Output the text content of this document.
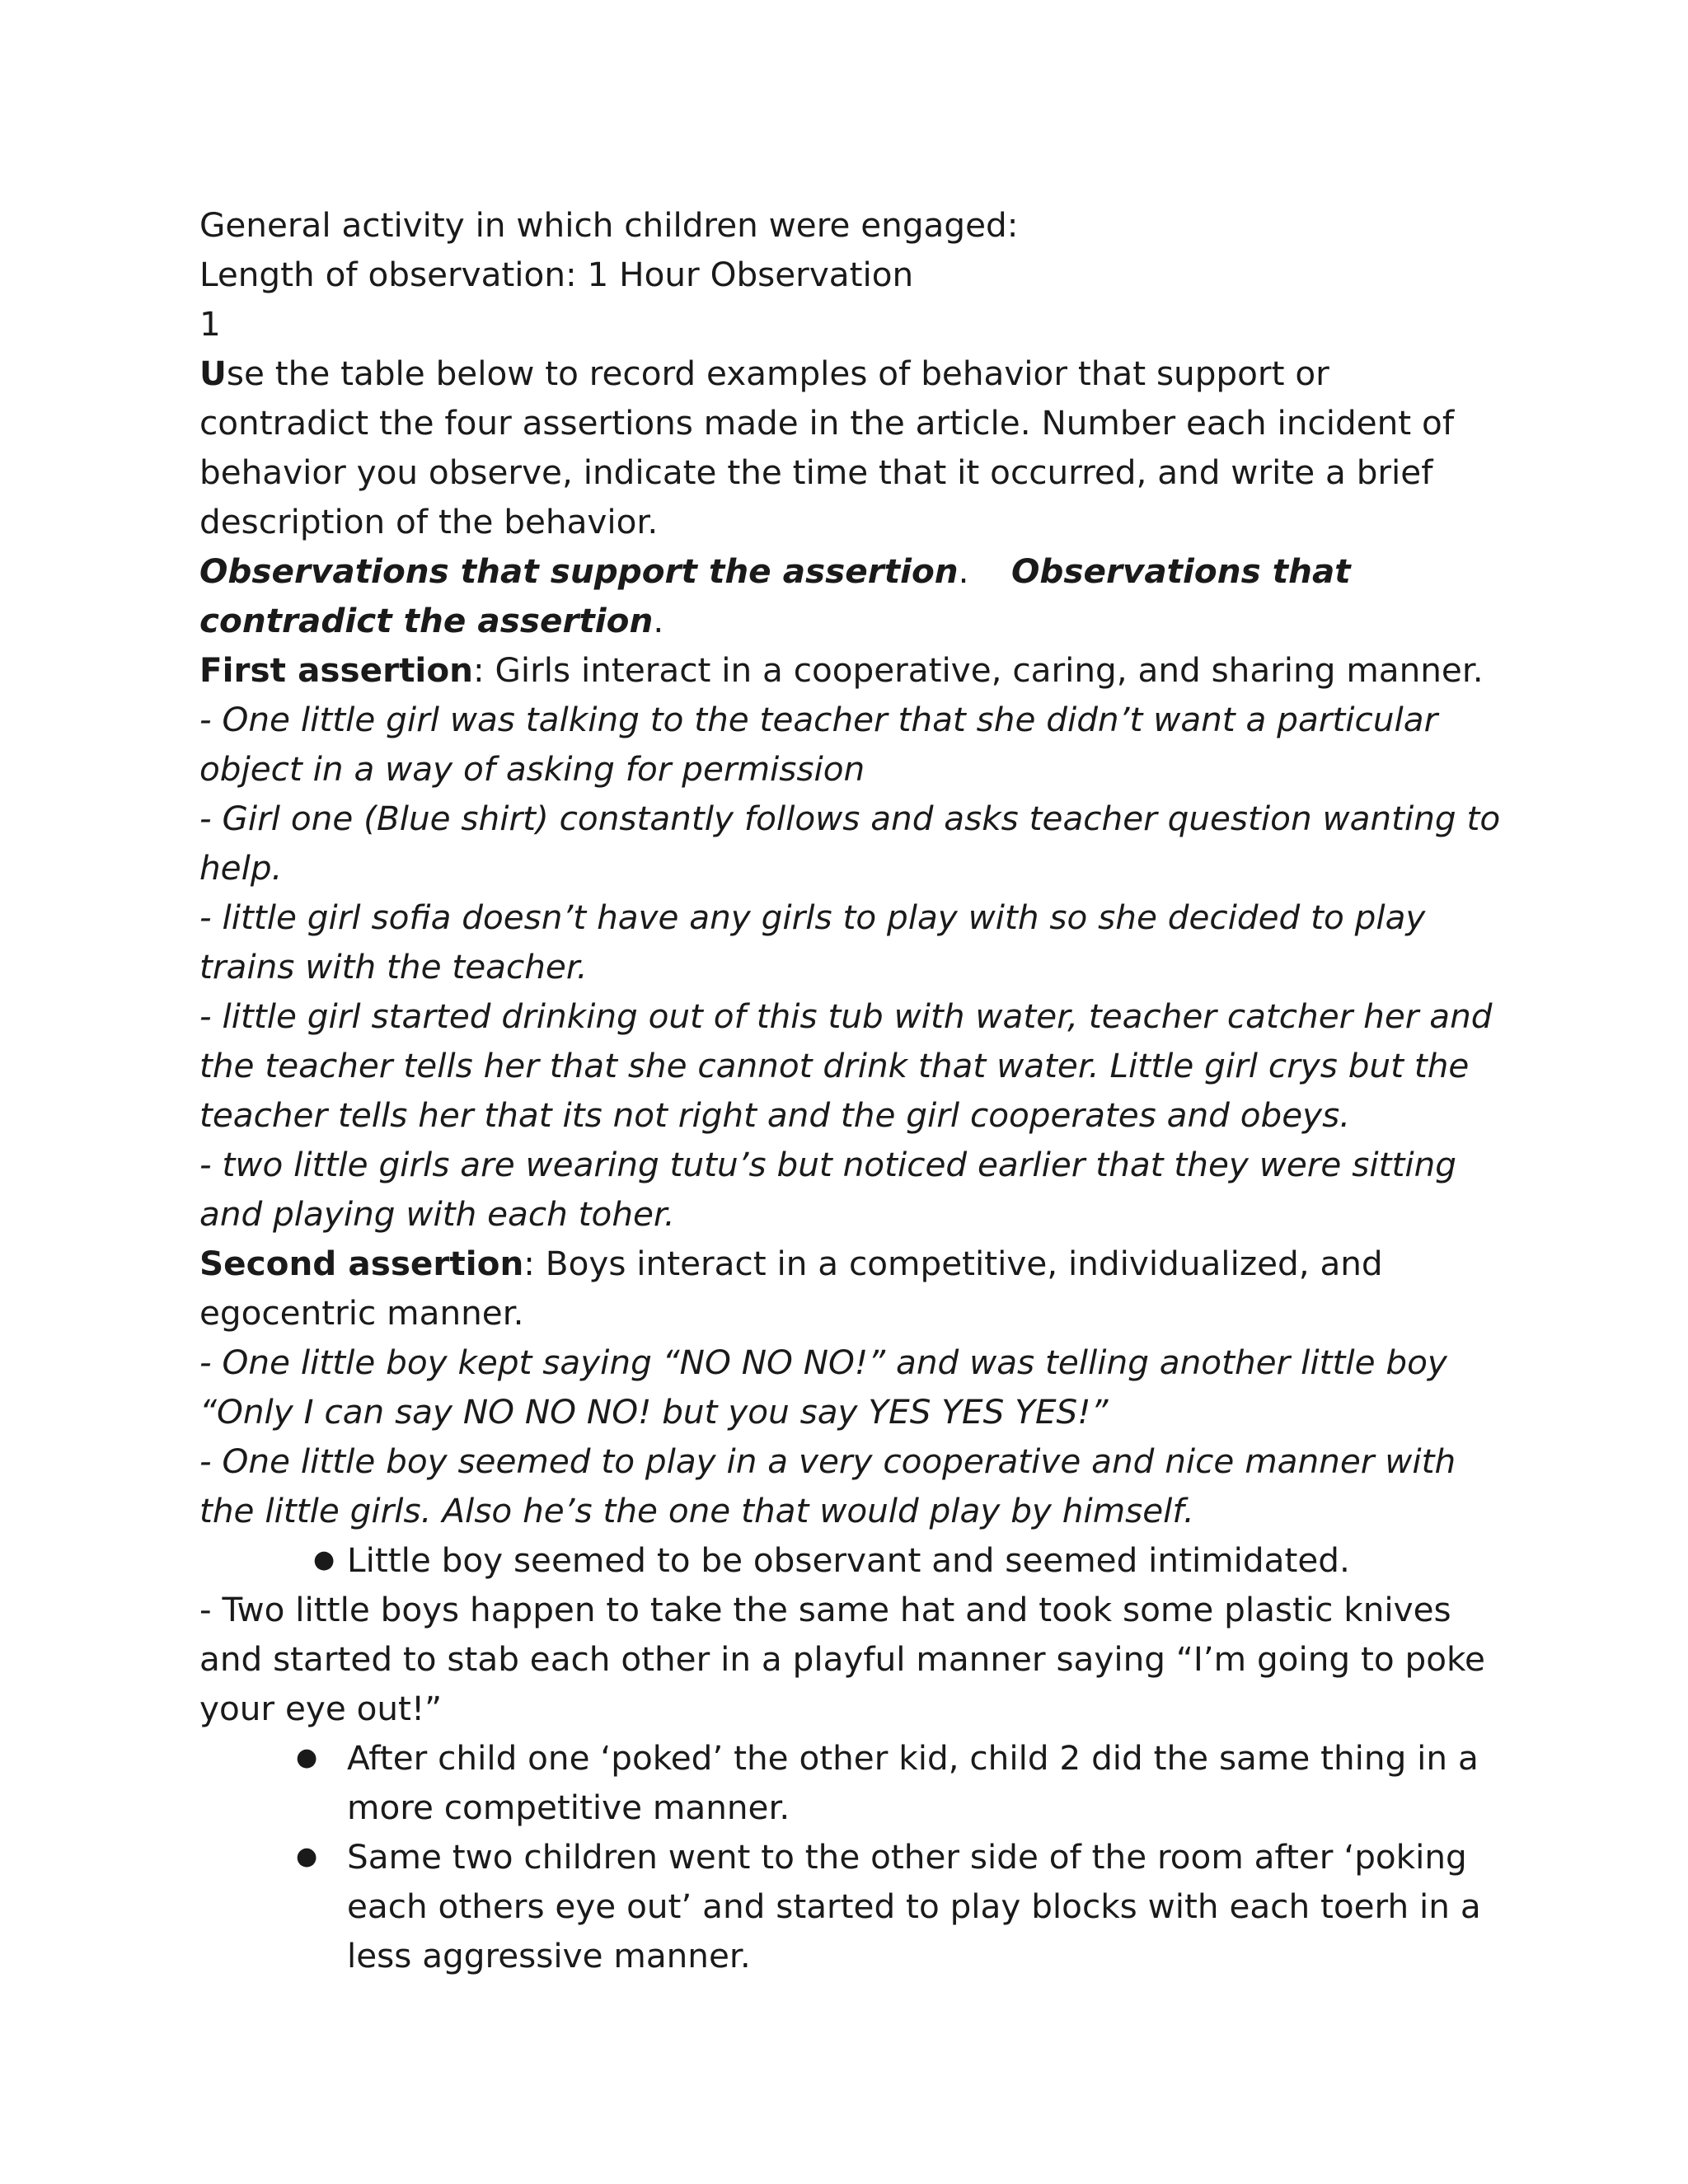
General activity in which children were engaged:

Length of observation: 1 Hour Observation

1

Use the table below to record examples of behavior that support or contradict the four assertions made in the article. Number each incident of behavior you observe, indicate the time that it occurred, and write a brief description of the behavior.

Observations that support the assertion. Observations that contradict the assertion.

First assertion: Girls interact in a cooperative, caring, and sharing manner.

- One little girl was talking to the teacher that she didn’t want a particular object in a way of asking for permission

- Girl one (Blue shirt) constantly follows and asks teacher question wanting to help.

- little girl sofia doesn’t have any girls to play with so she decided to play trains with the teacher.

- little girl started drinking out of this tub with water, teacher catcher her and the teacher tells her that she cannot drink that water. Little girl crys but the teacher tells her that its not right and the girl cooperates and obeys.

- two little girls are wearing tutu’s but noticed earlier that they were sitting and playing with each toher.

Second assertion: Boys interact in a competitive, individualized, and egocentric manner.

- One little boy kept saying “NO NO NO!” and was telling another little boy “Only I can say NO NO NO! but you say YES YES YES!”

- One little boy seemed to play in a very cooperative and nice manner with the little girls. Also he’s the one that would play by himself.

● Little boy seemed to be observant and seemed intimidated.

- Two little boys happen to take the same hat and took some plastic knives and started to stab each other in a playful manner saying “I’m going to poke your eye out!”

● After child one ‘poked’ the other kid, child 2 did the same thing in a more competitive manner.
● Same two children went to the other side of the room after ‘poking each others eye out’ and started to play blocks with each toerh in a less aggressive manner.
